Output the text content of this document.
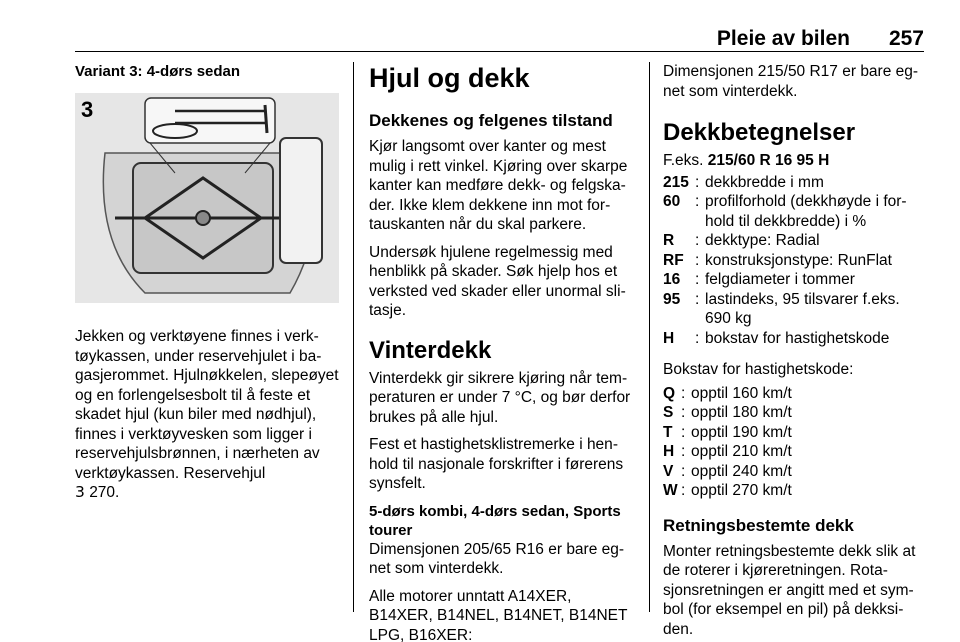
Pleie av bilen 257
Variant 3: 4-dørs sedan
3
Jekken og verktøyene finnes i verktøykassen, under reservehjulet i bagasjerommet. Hjulnøkkelen, slepeøyet og en forlengelsesbolt til å feste et skadet hjul (kun biler med nødhjul), finnes i verktøyvesken som ligger i reservehjulsbrønnen, i nærheten av verktøykassen. Reservehjul
3 270.
Hjul og dekk
Dekkenes og felgenes tilstand
Kjør langsomt over kanter og mest mulig i rett vinkel. Kjøring over skarpe kanter kan medføre dekk- og felgskader. Ikke klem dekkene inn mot fortauskanten når du skal parkere.
Undersøk hjulene regelmessig med henblikk på skader. Søk hjelp hos et verksted ved skader eller unormal slitasje.
Vinterdekk
Vinterdekk gir sikrere kjøring når temperaturen er under 7 °C, og bør derfor brukes på alle hjul.
Fest et hastighetsklistremerke i henhold til nasjonale forskrifter i førerens synsfelt.
5-dørs kombi, 4-dørs sedan, Sports tourer
Dimensjonen 205/65 R16 er bare egnet som vinterdekk.
Alle motorer unntatt A14XER, B14XER, B14NEL, B14NET, B14NET LPG, B16XER:
Dimensjonen 215/50 R17 er bare egnet som vinterdekk.
Dekkbetegnelser
F.eks. 215/60 R 16 95 H
215 : dekkbredde i mm
60 : profilforhold (dekkhøyde i forhold til dekkbredde) i %
R	: dekktype: Radial
RF : konstruksjonstype: RunFlat
16 : felgdiameter i tommer
95 : lastindeks, 95 tilsvarer f.eks. 690 kg
H	: bokstav for hastighetskode
Bokstav for hastighetskode:
Q : opptil 160 km/t
S : opptil 180 km/t
T : opptil 190 km/t
H : opptil 210 km/t
V : opptil 240 km/t
W : opptil 270 km/t
Retningsbestemte dekk
Monter retningsbestemte dekk slik at de roterer i kjøreretningen. Rotasjonsretningen er angitt med et symbol (for eksempel en pil) på dekksiden.
